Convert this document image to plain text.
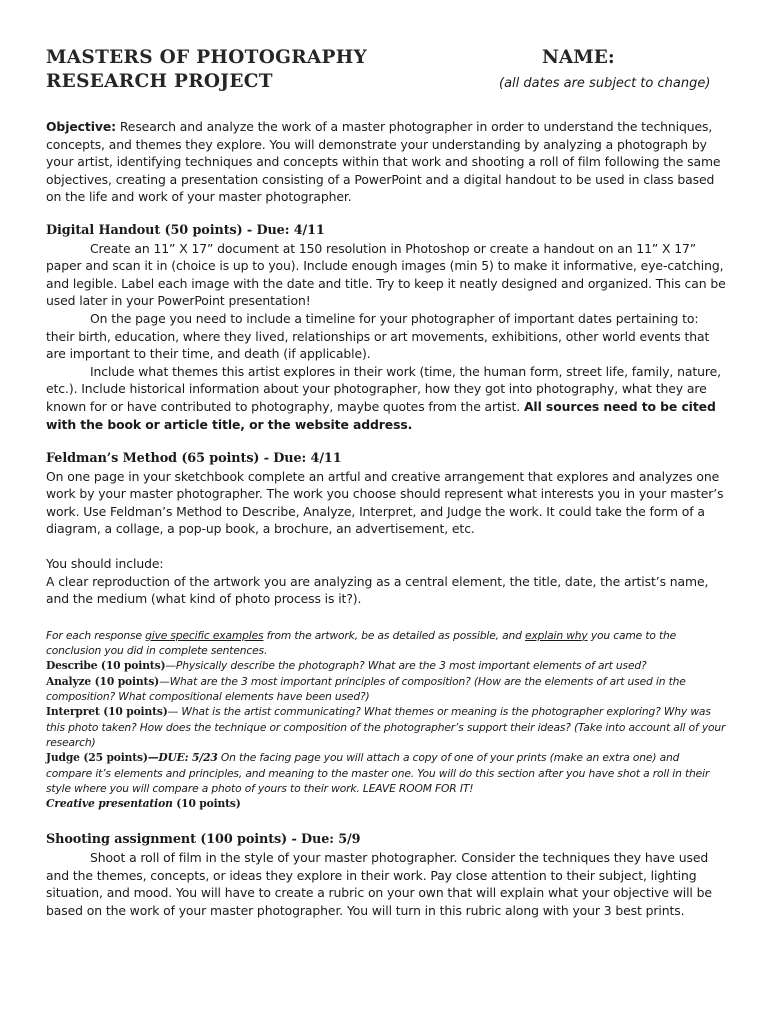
MASTERS OF PHOTOGRAPHY
RESEARCH PROJECT
NAME:
(all dates are subject to change)

Objective: Research and analyze the work of a master photographer in order to understand the techniques, concepts, and themes they explore. You will demonstrate your understanding by analyzing a photograph by your artist, identifying techniques and concepts within that work and shooting a roll of film following the same objectives, creating a presentation consisting of a PowerPoint and a digital handout to be used in class based on the life and work of your master photographer.

Digital Handout (50 points) - Due: 4/11

Create an 11” X 17” document at 150 resolution in Photoshop or create a handout on an 11” X 17” paper and scan it in (choice is up to you). Include enough images (min 5) to make it informative, eye-catching, and legible. Label each image with the date and title. Try to keep it neatly designed and organized. This can be used later in your PowerPoint presentation!

On the page you need to include a timeline for your photographer of important dates pertaining to: their birth, education, where they lived, relationships or art movements, exhibitions, other world events that are important to their time, and death (if applicable).

Include what themes this artist explores in their work (time, the human form, street life, family, nature, etc.). Include historical information about your photographer, how they got into photography, what they are known for or have contributed to photography, maybe quotes from the artist. All sources need to be cited with the book or article title, or the website address.

Feldman’s Method (65 points) - Due: 4/11

On one page in your sketchbook complete an artful and creative arrangement that explores and analyzes one work by your master photographer. The work you choose should represent what interests you in your master’s work. Use Feldman’s Method to Describe, Analyze, Interpret, and Judge the work. It could take the form of a diagram, a collage, a pop-up book, a brochure, an advertisement, etc.

You should include:

A clear reproduction of the artwork you are analyzing as a central element, the title, date, the artist’s name, and the medium (what kind of photo process is it?).

For each response give specific examples from the artwork, be as detailed as possible, and explain why you came to the conclusion you did in complete sentences.

Describe (10 points)—Physically describe the photograph? What are the 3 most important elements of art used?

Analyze (10 points)—What are the 3 most important principles of composition? (How are the elements of art used in the composition? What compositional elements have been used?)

Interpret (10 points)— What is the artist communicating? What themes or meaning is the photographer exploring? Why was this photo taken? How does the technique or composition of the photographer’s support their ideas? (Take into account all of your research)

Judge (25 points)—DUE: 5/23 On the facing page you will attach a copy of one of your prints (make an extra one) and compare it’s elements and principles, and meaning to the master one. You will do this section after you have shot a roll in their style where you will compare a photo of yours to their work. LEAVE ROOM FOR IT!

Creative presentation (10 points)

Shooting assignment (100 points) - Due: 5/9

Shoot a roll of film in the style of your master photographer. Consider the techniques they have used and the themes, concepts, or ideas they explore in their work. Pay close attention to their subject, lighting situation, and mood. You will have to create a rubric on your own that will explain what your objective will be based on the work of your master photographer. You will turn in this rubric along with your 3 best prints.
